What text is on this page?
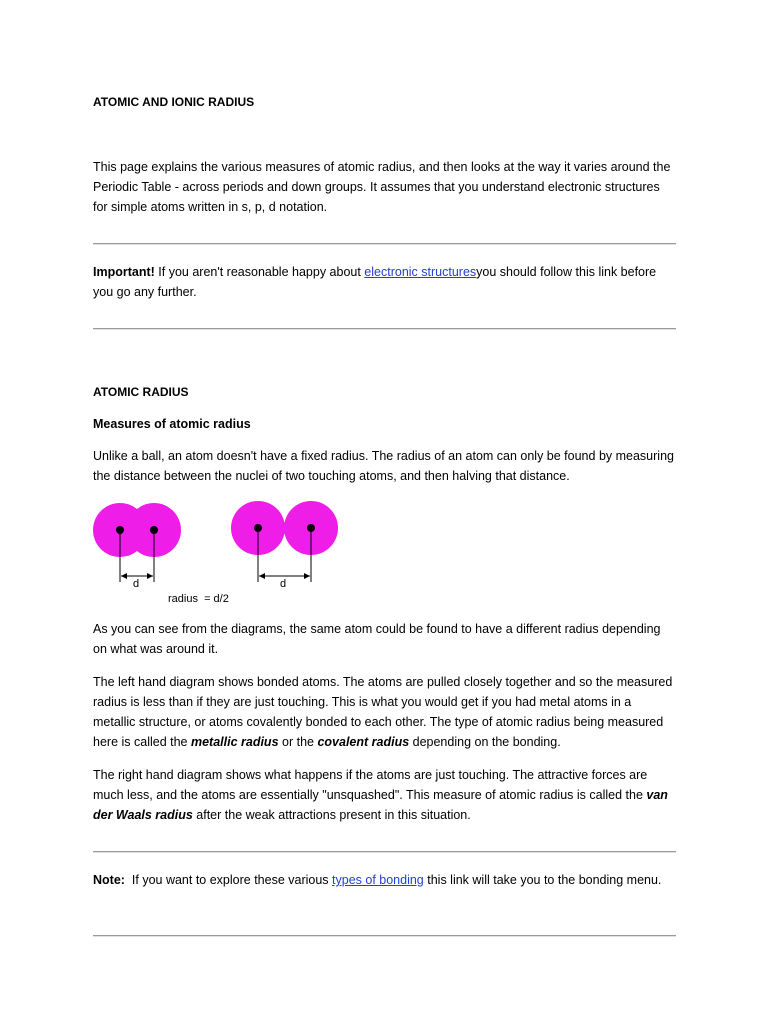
ATOMIC AND IONIC RADIUS

This page explains the various measures of atomic radius, and then looks at the way it varies around the Periodic Table - across periods and down groups. It assumes that you understand electronic structures for simple atoms written in s, p, d notation.

Important! If you aren't reasonable happy about electronic structuresyou should follow this link before you go any further.

ATOMIC RADIUS

Measures of atomic radius

Unlike a ball, an atom doesn't have a fixed radius. The radius of an atom can only be found by measuring the distance between the nuclei of two touching atoms, and then halving that distance.

d	d
radius  = d/2

As you can see from the diagrams, the same atom could be found to have a different radius depending on what was around it.

The left hand diagram shows bonded atoms. The atoms are pulled closely together and so the measured radius is less than if they are just touching. This is what you would get if you had metal atoms in a metallic structure, or atoms covalently bonded to each other. The type of atomic radius being measured here is called the metallic radius or the covalent radius depending on the bonding.

The right hand diagram shows what happens if the atoms are just touching. The attractive forces are much less, and the atoms are essentially "unsquashed". This measure of atomic radius is called the van der Waals radius after the weak attractions present in this situation.

Note:  If you want to explore these various types of bonding this link will take you to the bonding menu.
